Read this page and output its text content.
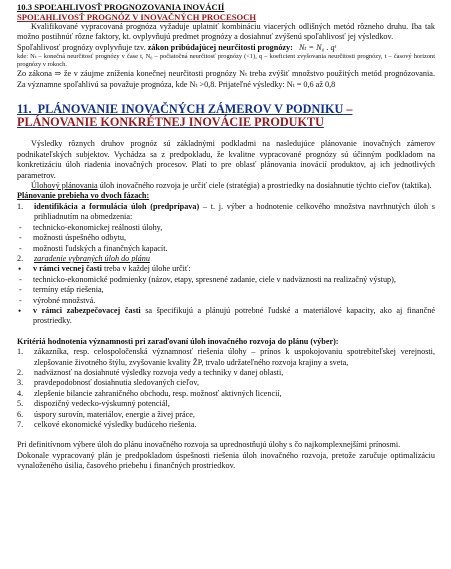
10.3 SPOĽAHLIVOSŤ PROGNOZOVANIA INOVÁCIÍ
SPOĽAHLIVOSŤ PROGNÓZ V INOVAČNÝCH PROCESOCH

Kvalifikované vypracovaná prognóza vyžaduje uplatniť kombináciu viacerých odlišných metód rôzneho druhu. Iba tak možno postihnúť rôzne faktory, kt. ovplyvňujú predmet prognózy a dosiahnuť zvýšenú spoľahlivosť jej výsledkov.

Spoľahlivosť prognózy ovplyvňuje tzv. zákon pribúdajúcej neurčitosti prognózy: Nₜ = N₀ . qᵗ

kde: Nₜ – konečná neurčitosť prognózy v čase t, N₀ – počiatočná neurčitosť prognózy (<1), q – koeficient zvyšovania neurčitosti prognózy, t – časový horizont prognózy v rokoch.

Zo zákona ⇒ že v záujme zníženia konečnej neurčitosti prognózy Nₜ treba zvýšiť množstvo použitých metód prognózovania. Za významne spoľahlivú sa považuje prognóza, kde Nₜ >0,8. Prijateľné výsledky: Nₜ = 0,6 až 0,8

11. PLÁNOVANIE INOVAČNÝCH ZÁMEROV V PODNIKU – PLÁNOVANIE KONKRÉTNEJ INOVÁCIE PRODUKTU

Výsledky rôznych druhov prognóz sú základnými podkladmi na nasledujúce plánovanie inovačných zámerov podnikateľských subjektov. Vychádza sa z predpokladu, že kvalitne vypracované prognózy sú účinným podkladom na konkretizáciu úloh riadenia inovačných procesov. Platí to pre oblasť plánovania inovácií produktov, aj ich jednotlivých parametrov.

Úlohový plánovania úloh inovačného rozvoja je určiť ciele (stratégia) a prostriedky na dosiahnutie týchto cieľov (taktika).

Plánovanie prebieha vo dvoch fázach:

1. identifikácia a formulácia úloh (predprípava) – t. j. výber a hodnotenie celkového množstva navrhnutých úloh s prihliadnutím na obmedzenia:
- technicko-ekonomickej reálnosti úlohy,
- možnosti úspešného odbytu,
- možnosti ľudských a finančných kapacít.
2. zaradenie vybraných úloh do plánu
• v rámci vecnej časti treba v každej úlohe určiť:
- technicko-ekonomické podmienky (názov, etapy, spresnené zadanie, ciele v nadväznosti na realizačný výstup),
- termíny etáp riešenia,
- výrobné množstvá.
• v rámci zabezpečovacej časti sa špecifikujú a plánujú potrebné ľudské a materiálové kapacity, ako aj finančné prostriedky.

Kritériá hodnotenia významnosti pri zaraďovaní úloh inovačného rozvoja do plánu (výber):

1. zákazníka, resp. celospoločenská významnosť riešenia úlohy – prínos k uspokojovaniu spotrebiteľskej verejnosti, zlepšovanie životného štýlu, zvyšovanie kvality ŽP, trvalo udržateľného rozvoja krajiny a sveta,
2. nadväznosť na dosiahnuté výsledky rozvoja vedy a techniky v danej oblasti,
3. pravdepodobnosť dosiahnutia sledovaných cieľov,
4. zlepšenie bilancie zahraničného obchodu, resp. možnosť aktivných licencií,
5. dispozičný vedecko-výskumný potenciál,
6. úspory surovín, materiálov, energie a živej práce,
7. celkové ekonomické výsledky budúceho riešenia.

Pri definitívnom výbere úloh do plánu inovačného rozvoja sa uprednostňujú úlohy s čo najkomplexnejšími prínosmi.

Dokonale vypracovaný plán je predpokladom úspešnosti riešenia úloh inovačného rozvoja, pretože zaručuje optimalizáciu vynaloženého úsilia, časového priebehu i finančných prostriedkov.
